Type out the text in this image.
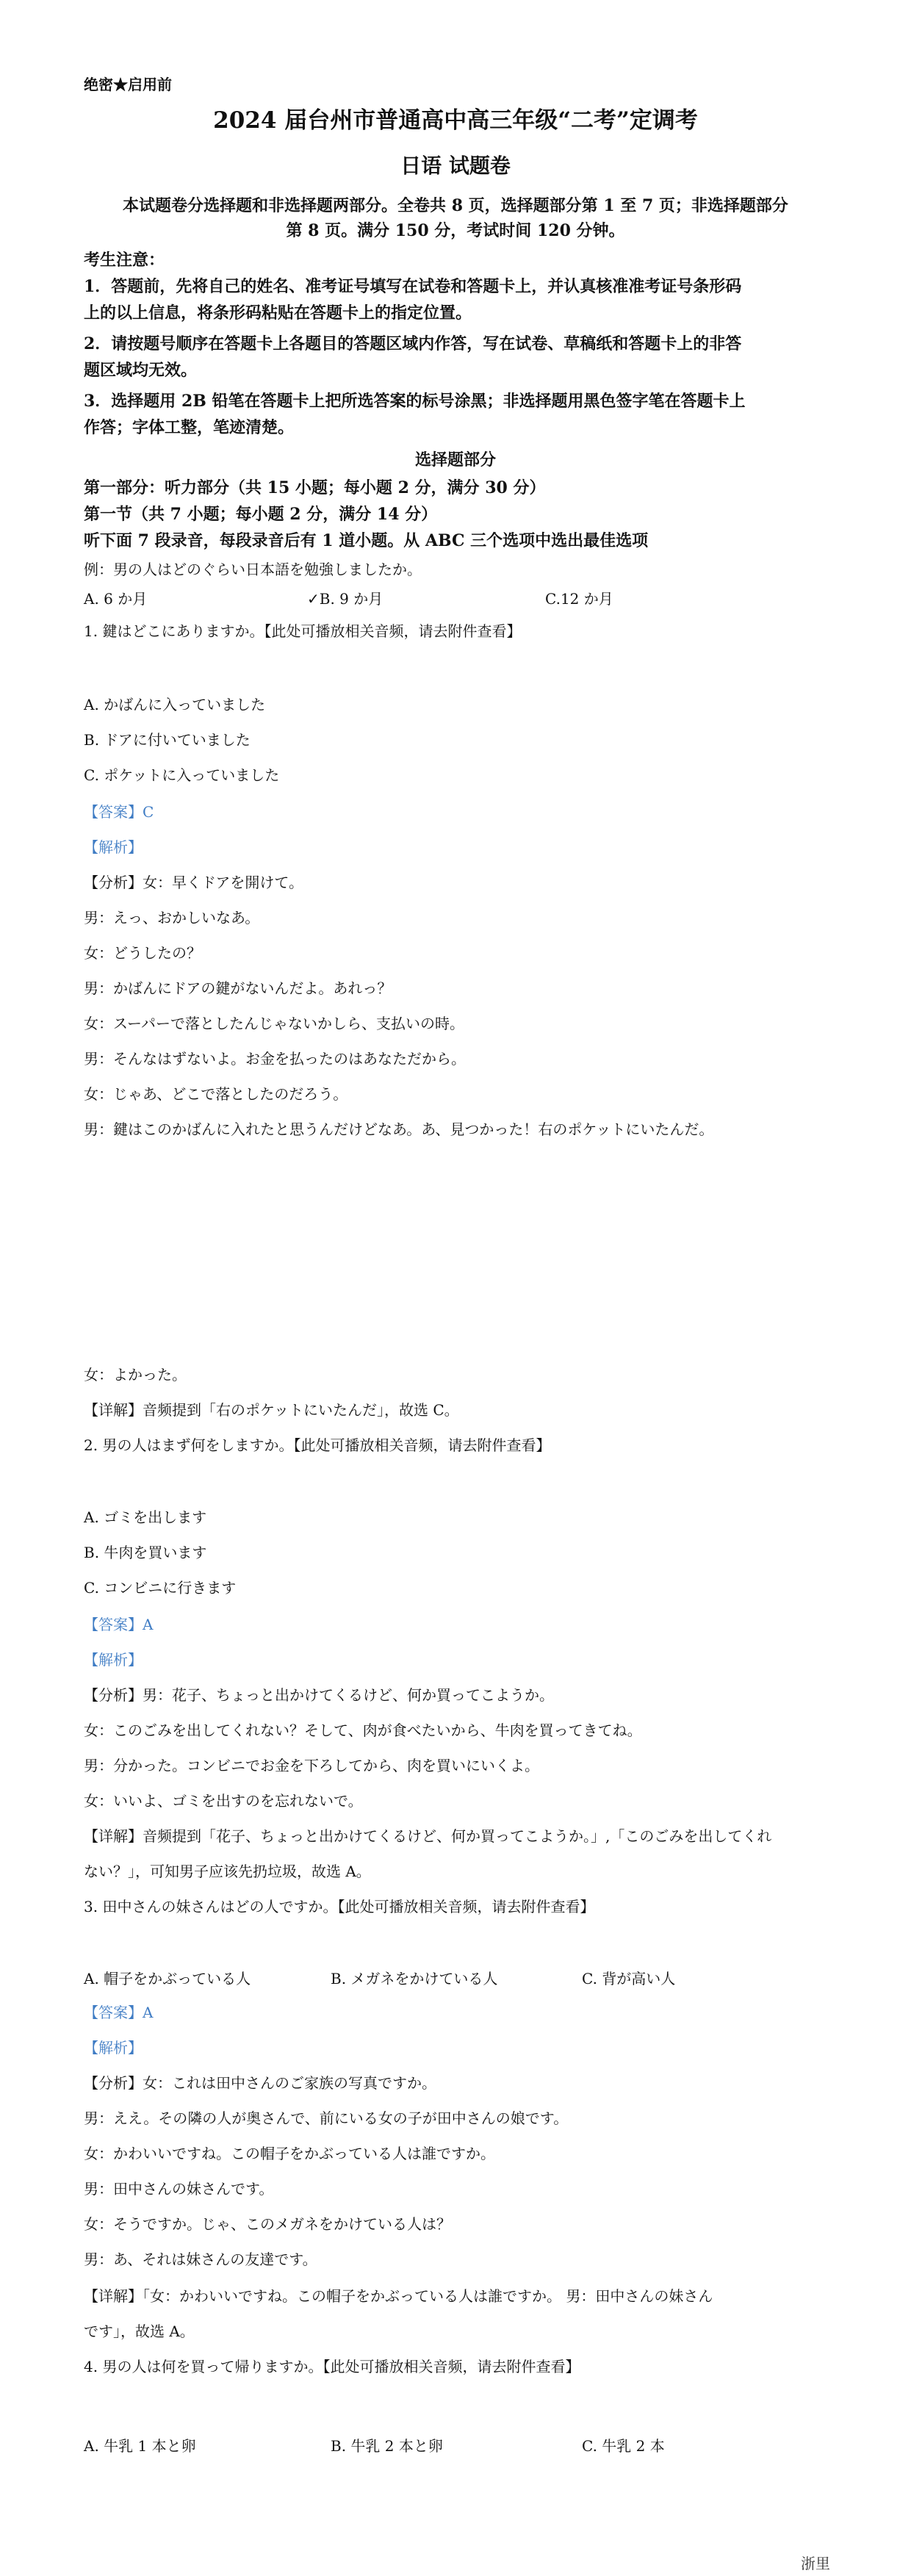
绝密★启用前
2024 届台州市普通高中高三年级“二考”定调考
日语 试题卷
本试题卷分选择题和非选择题两部分。全卷共 8 页，选择题部分第 1 至 7 页；非选择题部分
第 8 页。满分 150 分，考试时间 120 分钟。
考生注意：
1．答题前，先将自己的姓名、准考证号填写在试卷和答题卡上，并认真核准准考证号条形码
上的以上信息，将条形码粘贴在答题卡上的指定位置。
2．请按题号顺序在答题卡上各题目的答题区域内作答，写在试卷、草稿纸和答题卡上的非答
题区域均无效。
3．选择题用 2B 铅笔在答题卡上把所选答案的标号涂黑；非选择题用黑色签字笔在答题卡上
作答；字体工整，笔迹清楚。
选择题部分
第一部分：听力部分（共 15 小题；每小题 2 分，满分 30 分）
第一节（共 7 小题；每小题 2 分，满分 14 分）
听下面 7 段录音，每段录音后有 1 道小题。从 ABC 三个选项中选出最佳选项
例：男の人はどのぐらい日本語を勉強しましたか。
A. 6 か月	✓B. 9 か月	C.12 か月
1. 鍵はどこにありますか。【此处可播放相关音频，请去附件查看】
A. かばんに入っていました
B. ドアに付いていました
C. ポケットに入っていました
【答案】C
【解析】
【分析】女：早くドアを開けて。
男：えっ、おかしいなあ。
女：どうしたの？
男：かばんにドアの鍵がないんだよ。あれっ？
女：スーパーで落としたんじゃないかしら、支払いの時。
男：そんなはずないよ。お金を払ったのはあなただから。
女：じゃあ、どこで落としたのだろう。
男：鍵はこのかばんに入れたと思うんだけどなあ。あ、見つかった！右のポケットにいたんだ。
女：よかった。
【详解】音频提到「右のポケットにいたんだ」，故选 C。
2. 男の人はまず何をしますか。【此处可播放相关音频，请去附件查看】
A. ゴミを出します
B. 牛肉を買います
C. コンビニに行きます
【答案】A
【解析】
【分析】男：花子、ちょっと出かけてくるけど、何か買ってこようか。
女：このごみを出してくれない？そして、肉が食べたいから、牛肉を買ってきてね。
男：分かった。コンビニでお金を下ろしてから、肉を買いにいくよ。
女：いいよ、ゴミを出すのを忘れないで。
【详解】音频提到「花子、ちょっと出かけてくるけど、何か買ってこようか。」,「このごみを出してくれ
ない？」，可知男子应该先扔垃圾，故选 A。
3. 田中さんの妹さんはどの人ですか。【此处可播放相关音频，请去附件查看】
A. 帽子をかぶっている人	B. メガネをかけている人	C. 背が高い人
【答案】A
【解析】
【分析】女：これは田中さんのご家族の写真ですか。
男：ええ。その隣の人が奥さんで、前にいる女の子が田中さんの娘です。
女：かわいいですね。この帽子をかぶっている人は誰ですか。
男：田中さんの妹さんです。
女：そうですか。じゃ、このメガネをかけている人は？
男：あ、それは妹さんの友達です。
【详解】「女：かわいいですね。この帽子をかぶっている人は誰ですか。 男：田中さんの妹さん
です」，故选 A。
4. 男の人は何を買って帰りますか。【此处可播放相关音频，请去附件查看】
A. 牛乳 1 本と卵	B. 牛乳 2 本と卵	C. 牛乳 2 本
浙里
